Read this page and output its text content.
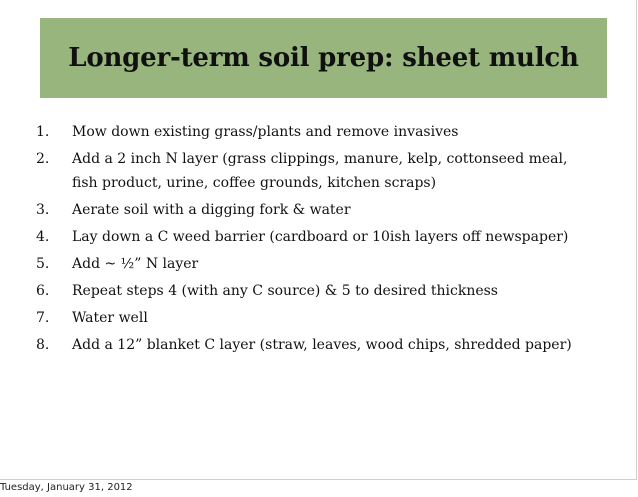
Longer-term soil prep: sheet mulch
1.	Mow down existing grass/plants and remove invasives
2.	Add a 2 inch N layer (grass clippings, manure, kelp, cottonseed meal, fish product, urine, coffee grounds, kitchen scraps)
3.	Aerate soil with a digging fork & water
4.	Lay down a C weed barrier (cardboard or 10ish layers off newspaper)
5.	Add ~ ½” N layer
6.	Repeat steps 4 (with any C source) & 5 to desired thickness
7.	Water well
8.	Add a 12” blanket C layer (straw, leaves, wood chips, shredded paper)
Tuesday, January 31, 2012
